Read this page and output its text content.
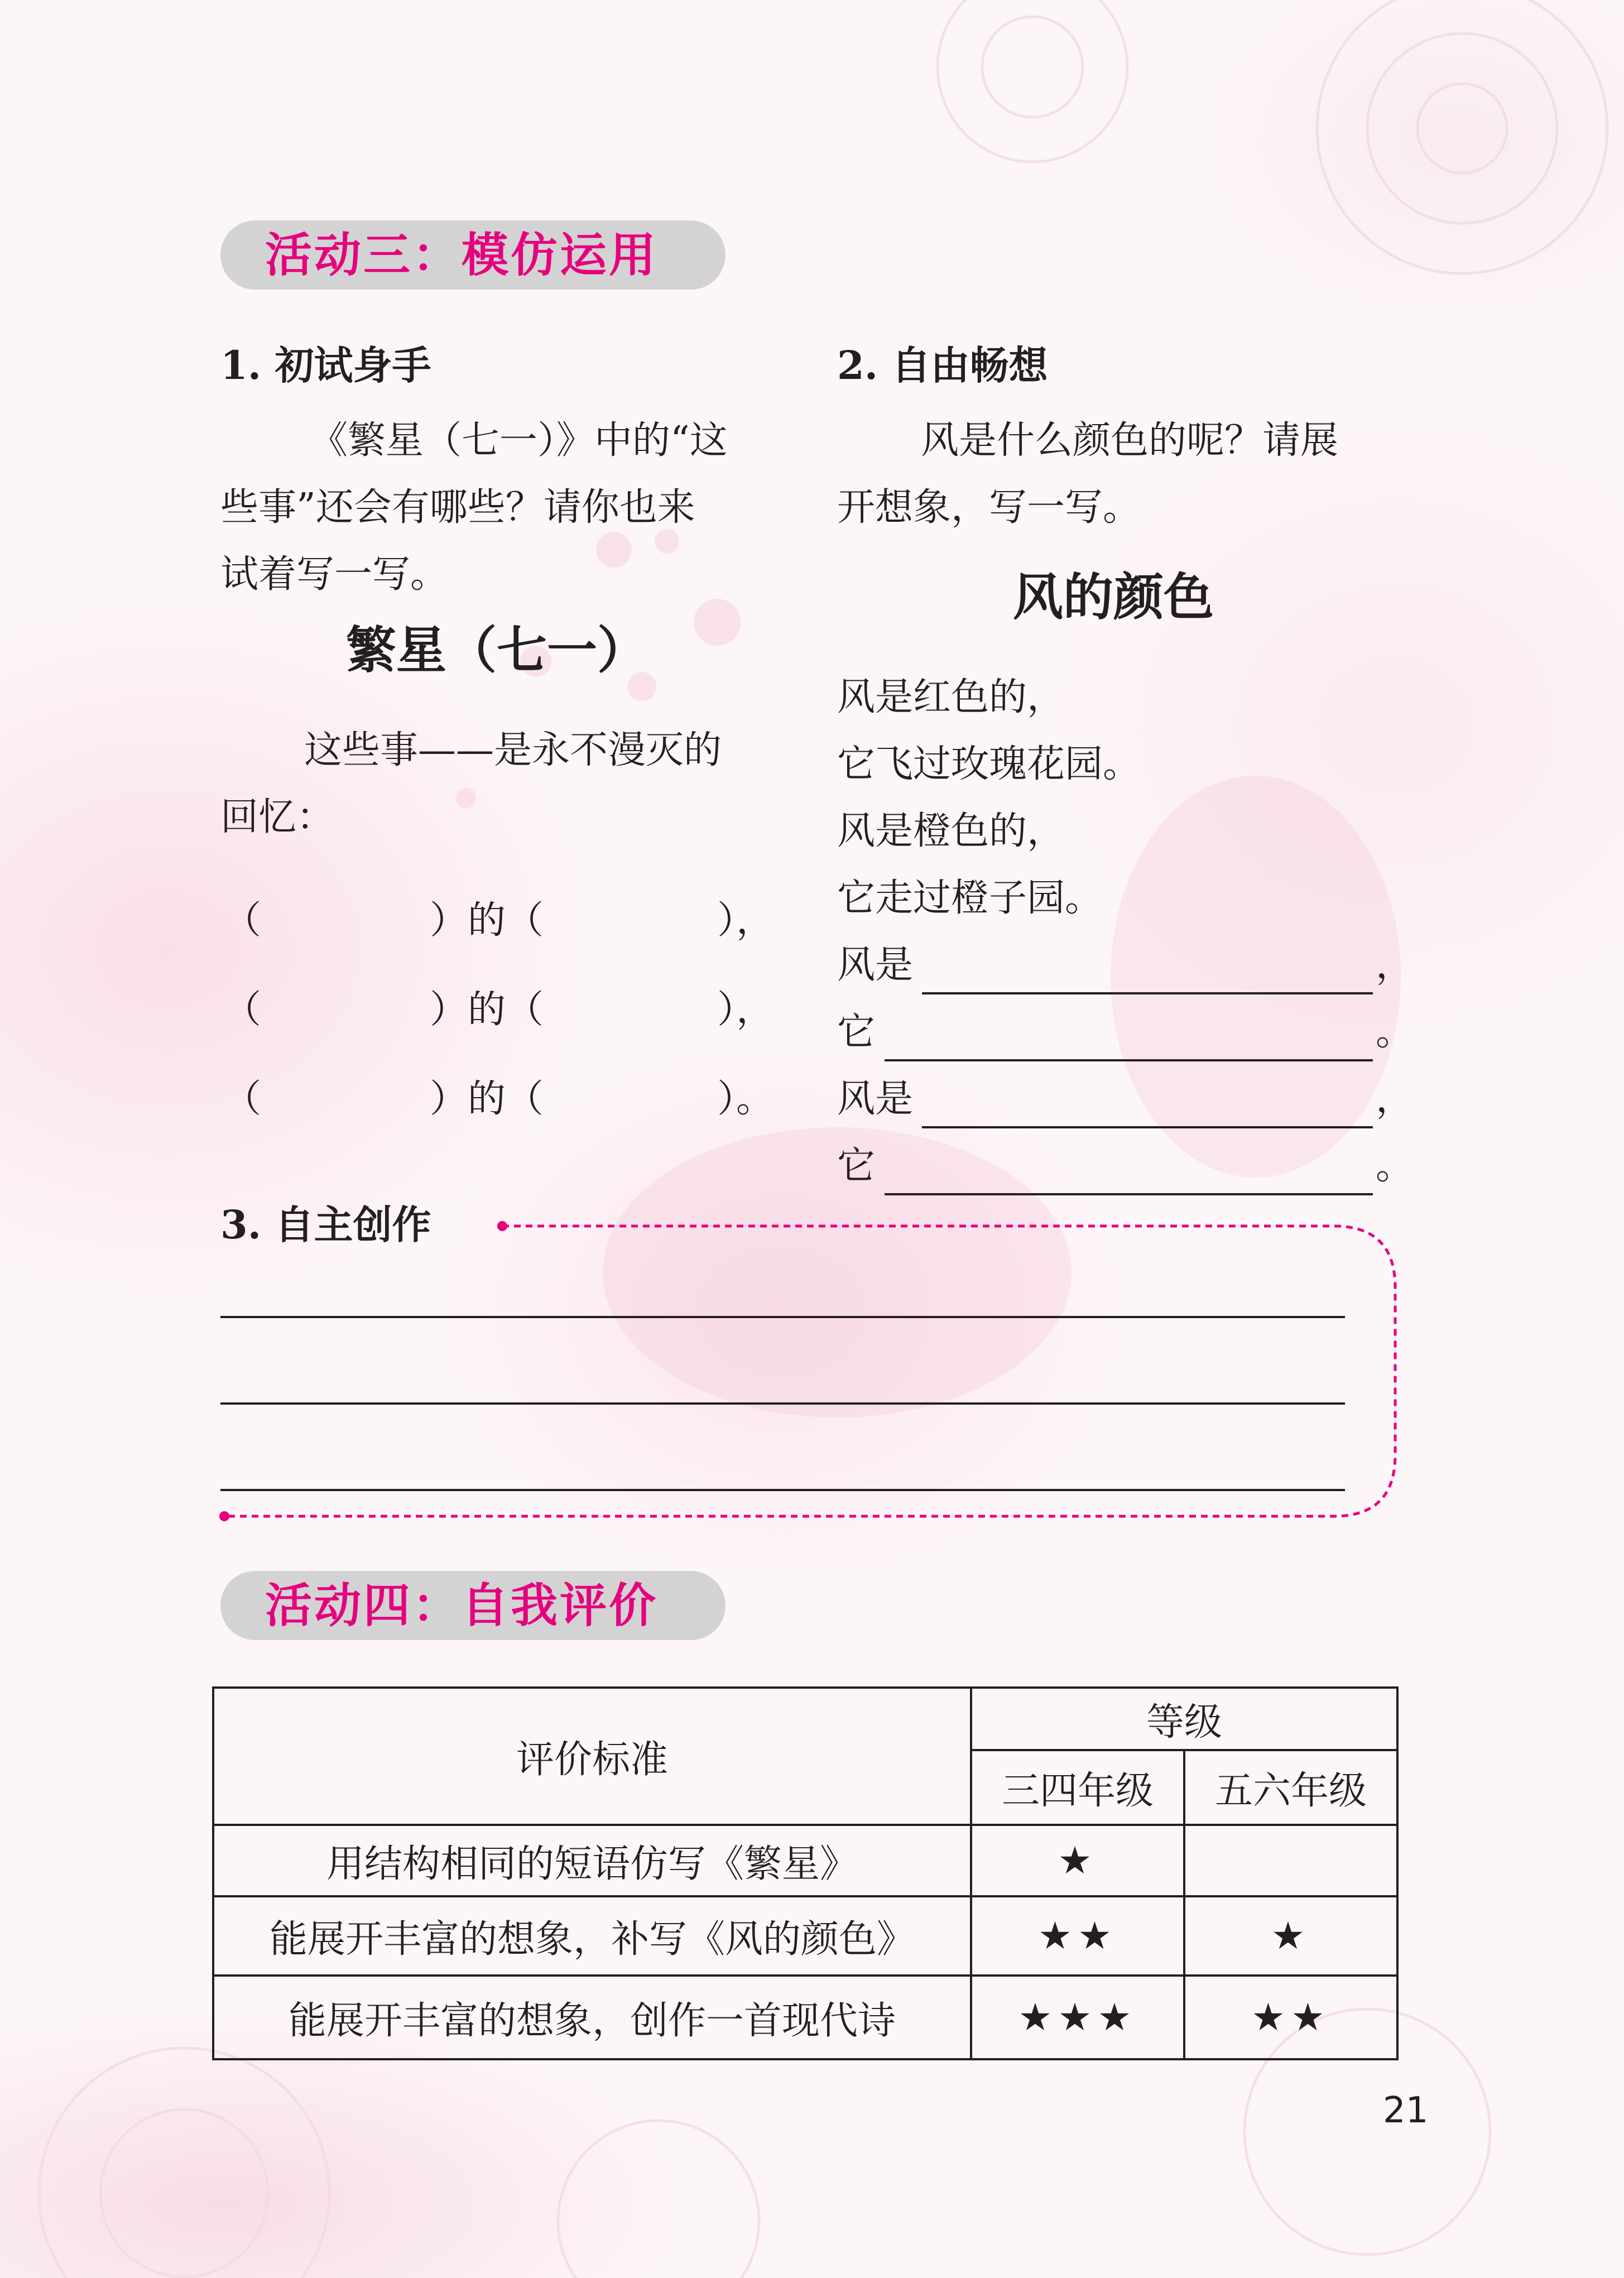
活动三：模仿运用
1. 初试身手
《繁星（七一）》中的“这
些事”还会有哪些？请你也来
试着写一写。
繁星（七一）
这些事——是永不漫灭的
回忆：
（	）的（	），
（	）的（	），
（	）的（	）。
2. 自由畅想
风是什么颜色的呢？请展
开想象，写一写。
风的颜色
风是红色的，
它飞过玫瑰花园。
风是橙色的，
它走过橙子园。
风是	，
它	。
风是	，
它	。
3. 自主创作
活动四：自我评价
评价标准	等级	
	三四年级	五六年级
用结构相同的短语仿写《繁星》	★	
能展开丰富的想象，补写《风的颜色》	★★	★
能展开丰富的想象，创作一首现代诗	★★★	★★
21
